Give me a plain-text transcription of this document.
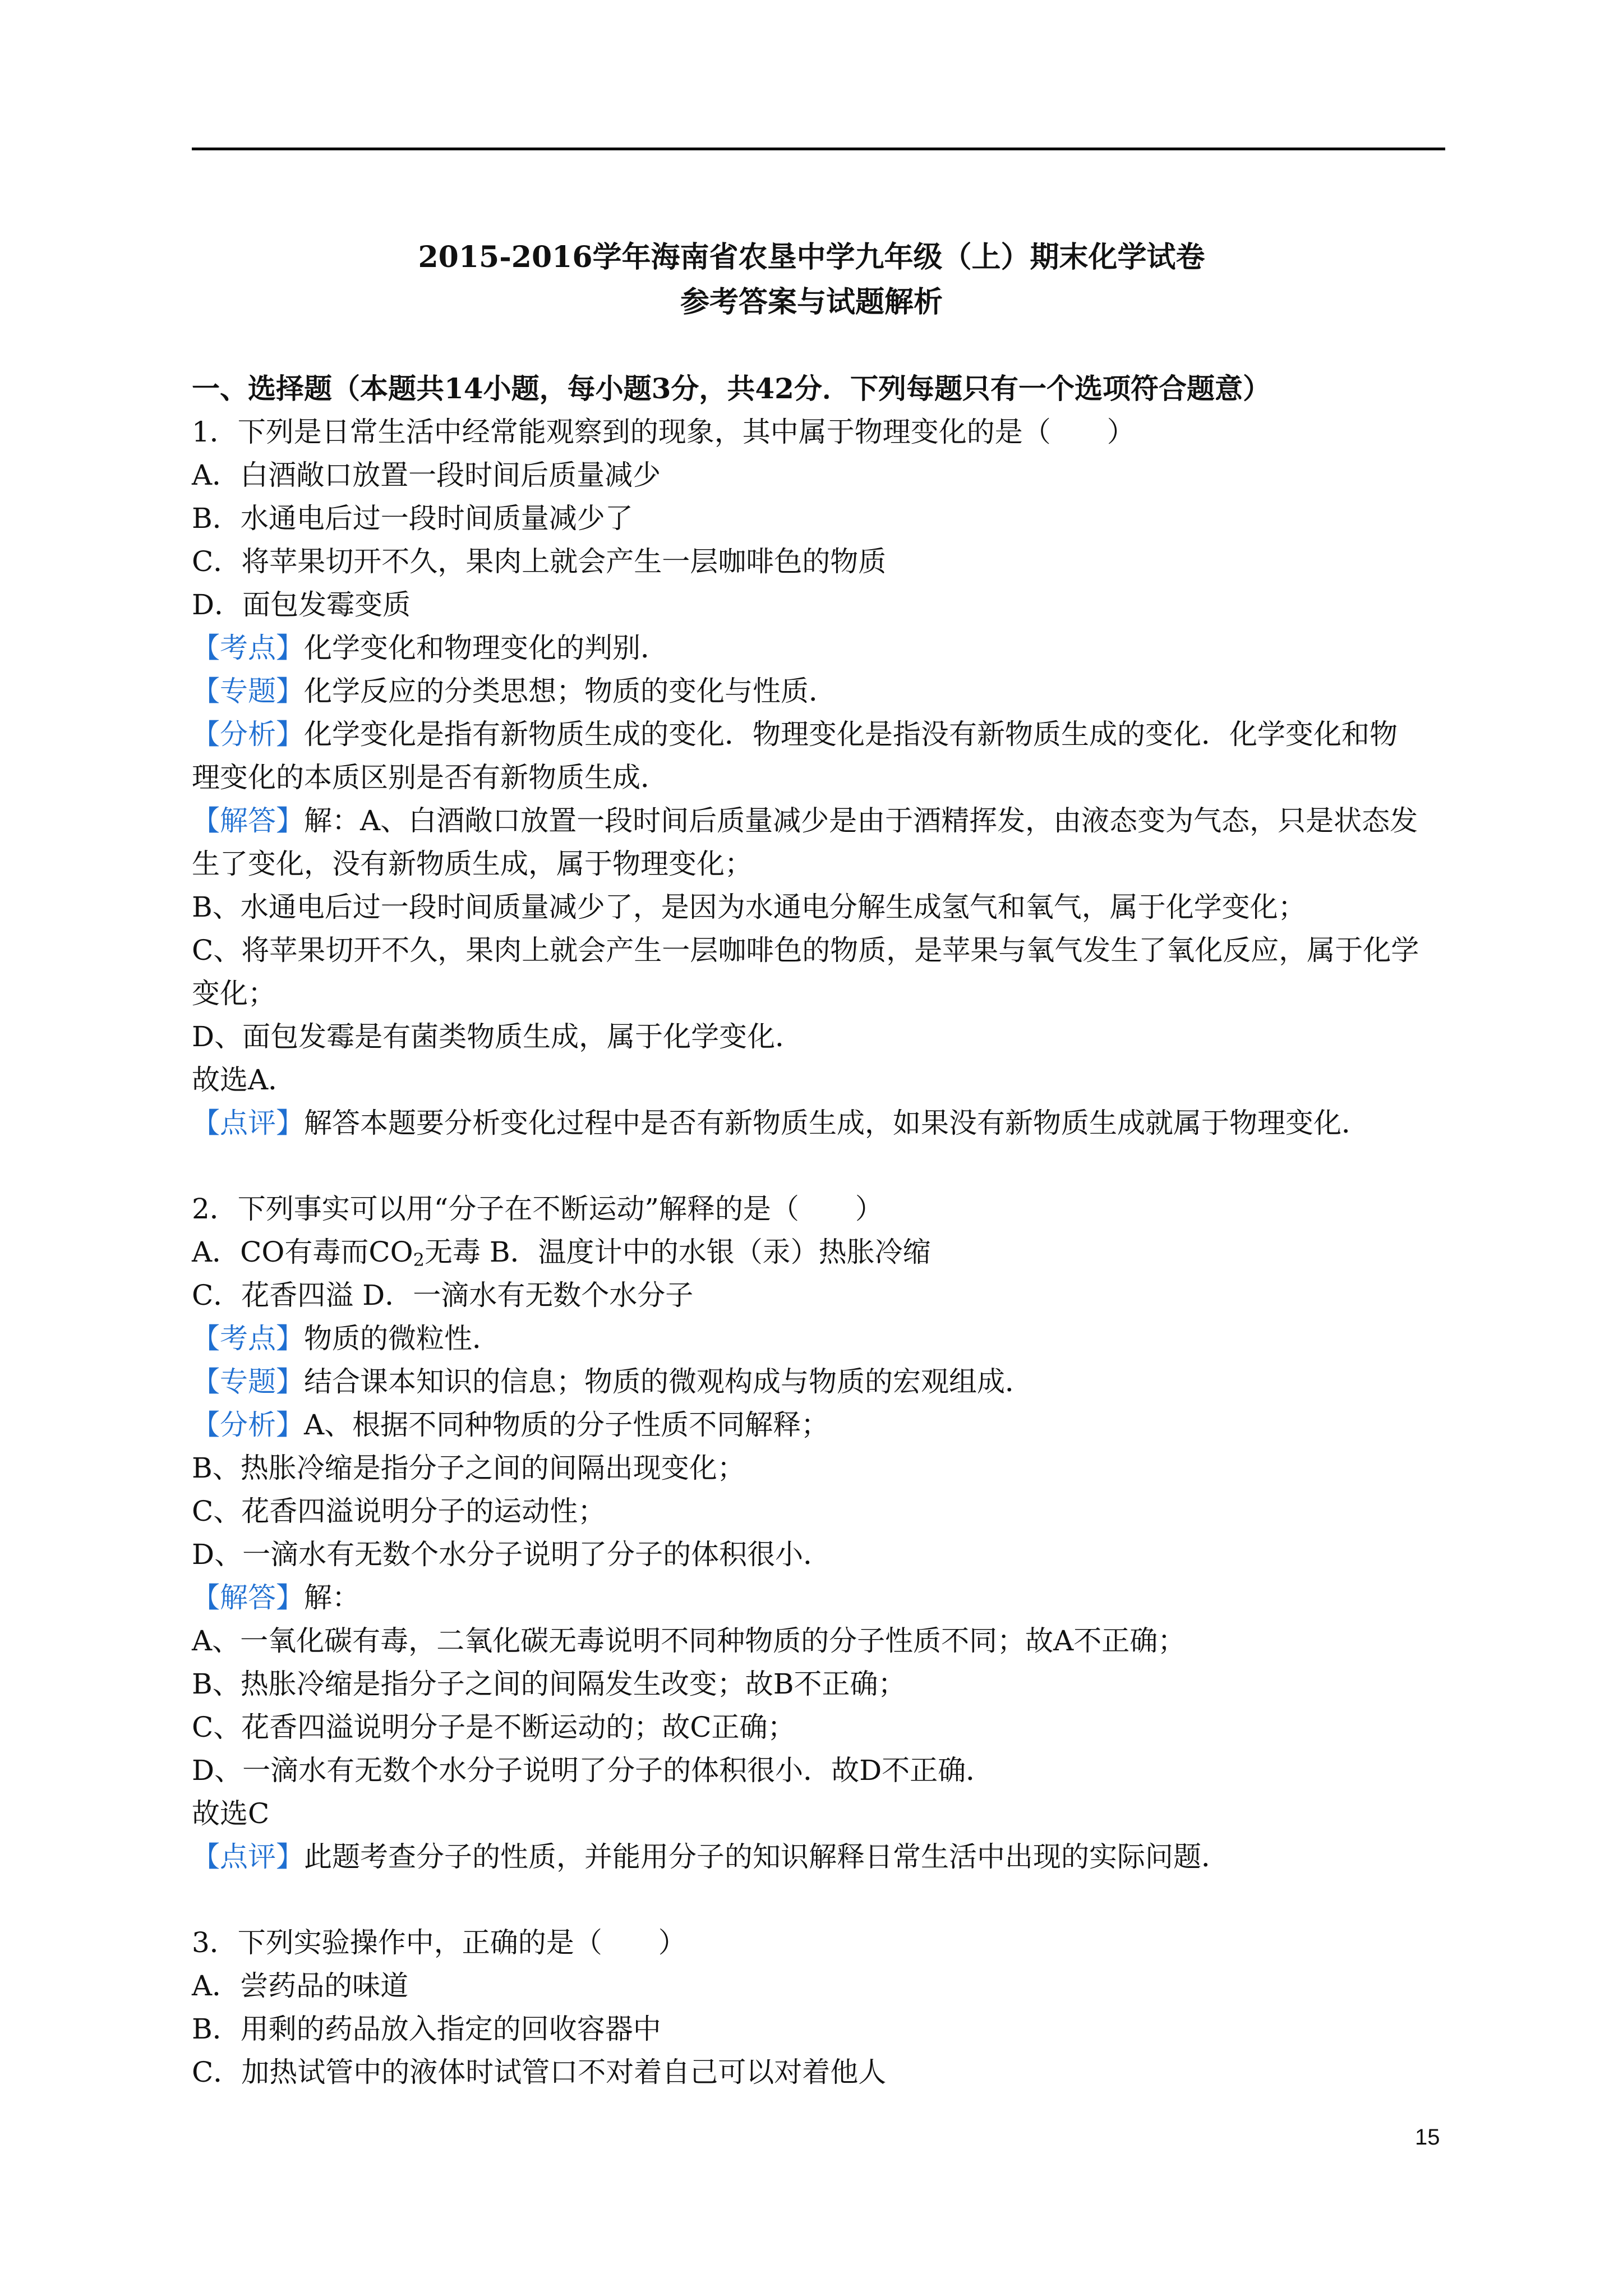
2015-2016学年海南省农垦中学九年级（上）期末化学试卷
参考答案与试题解析
一、选择题（本题共14小题，每小题3分，共42分．下列每题只有一个选项符合题意）
1．下列是日常生活中经常能观察到的现象，其中属于物理变化的是（　　）
A．白酒敞口放置一段时间后质量减少
B．水通电后过一段时间质量减少了
C．将苹果切开不久，果肉上就会产生一层咖啡色的物质
D．面包发霉变质
【考点】化学变化和物理变化的判别．
【专题】化学反应的分类思想；物质的变化与性质．
【分析】化学变化是指有新物质生成的变化．物理变化是指没有新物质生成的变化．化学变化和物
理变化的本质区别是否有新物质生成．
【解答】解：A、白酒敞口放置一段时间后质量减少是由于酒精挥发，由液态变为气态，只是状态发
生了变化，没有新物质生成，属于物理变化；
B、水通电后过一段时间质量减少了，是因为水通电分解生成氢气和氧气，属于化学变化；
C、将苹果切开不久，果肉上就会产生一层咖啡色的物质，是苹果与氧气发生了氧化反应，属于化学
变化；
D、面包发霉是有菌类物质生成，属于化学变化．
故选A．
【点评】解答本题要分析变化过程中是否有新物质生成，如果没有新物质生成就属于物理变化．
2．下列事实可以用“分子在不断运动”解释的是（　　）
A．CO有毒而$CO_2$无毒 B．温度计中的水银（汞）热胀冷缩
C．花香四溢 D．一滴水有无数个水分子
【考点】物质的微粒性．
【专题】结合课本知识的信息；物质的微观构成与物质的宏观组成．
【分析】A、根据不同种物质的分子性质不同解释；
B、热胀冷缩是指分子之间的间隔出现变化；
C、花香四溢说明分子的运动性；
D、一滴水有无数个水分子说明了分子的体积很小．
【解答】解：
A、一氧化碳有毒，二氧化碳无毒说明不同种物质的分子性质不同；故A不正确；
B、热胀冷缩是指分子之间的间隔发生改变；故B不正确；
C、花香四溢说明分子是不断运动的；故C正确；
D、一滴水有无数个水分子说明了分子的体积很小．故D不正确．
故选C
【点评】此题考查分子的性质，并能用分子的知识解释日常生活中出现的实际问题．
3．下列实验操作中，正确的是（　　）
A．尝药品的味道
B．用剩的药品放入指定的回收容器中
C．加热试管中的液体时试管口不对着自己可以对着他人
15
